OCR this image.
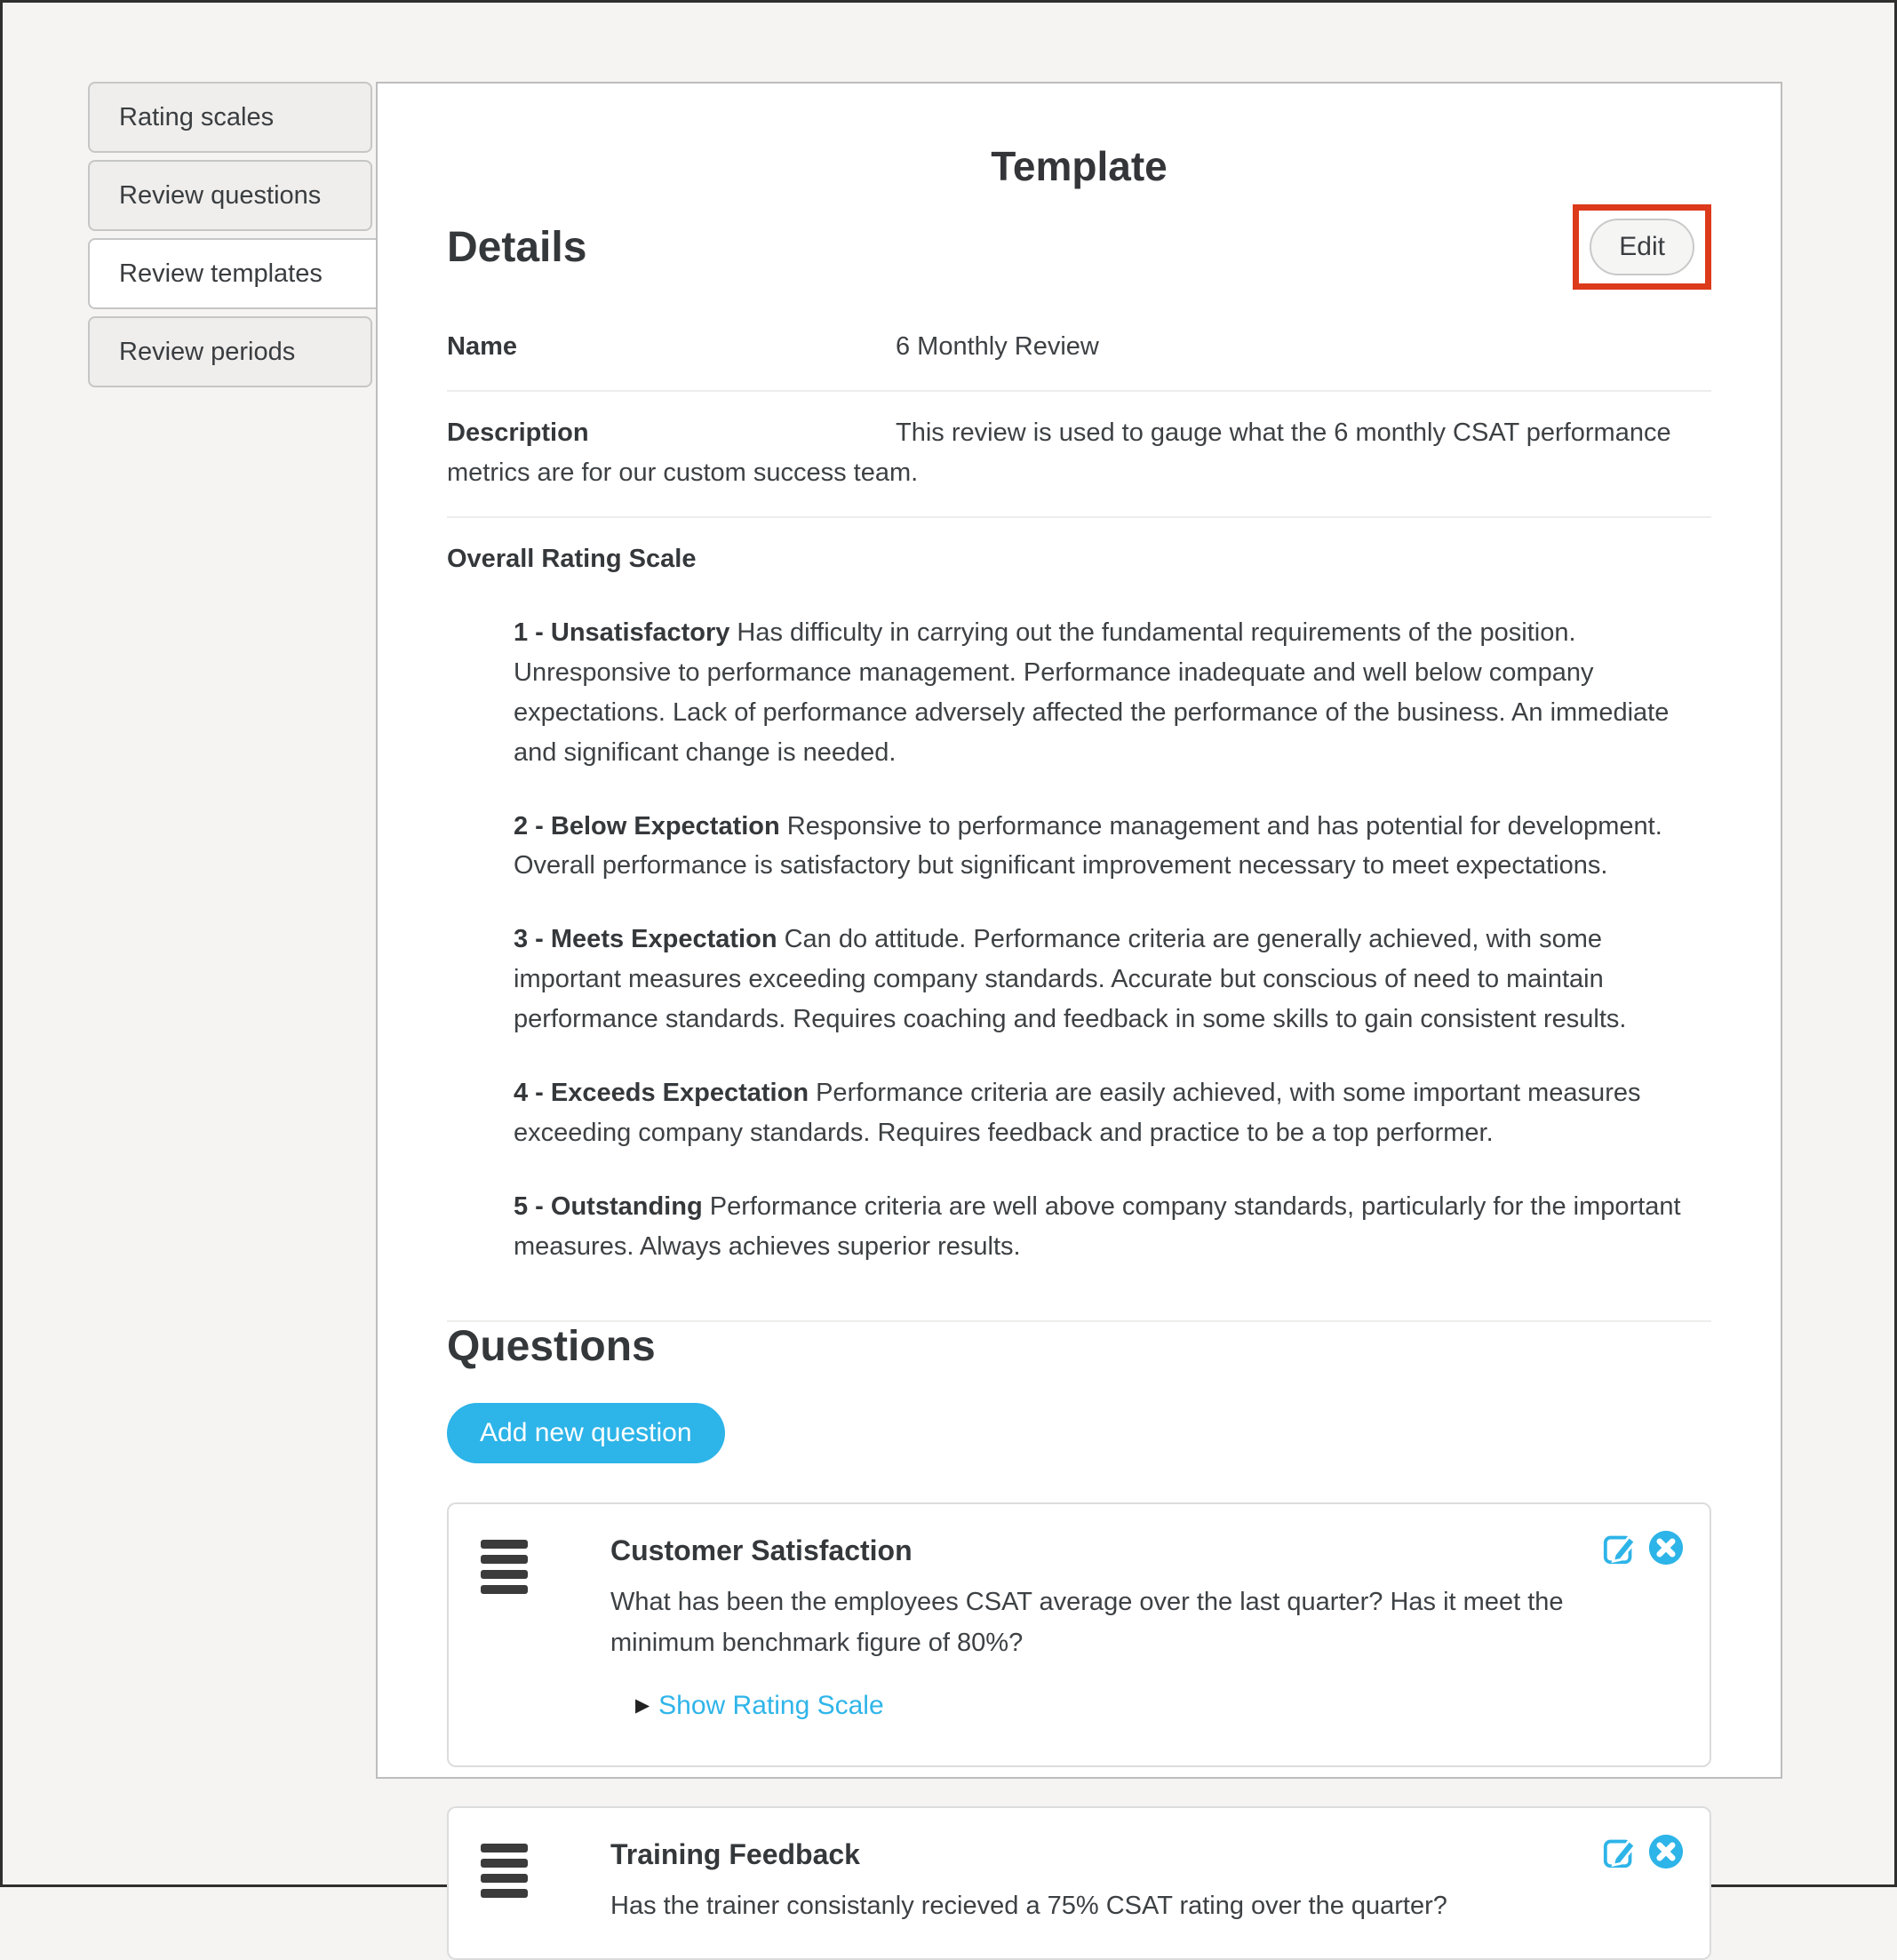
Rating scales
Review questions
Review templates
Review periods
Template
Details	Edit
Name	6 Monthly Review
Description	This review is used to gauge what the 6 monthly CSAT performance metrics are for our custom success team.
Overall Rating Scale

1 - Unsatisfactory Has difficulty in carrying out the fundamental requirements of the position. Unresponsive to performance management. Performance inadequate and well below company expectations. Lack of performance adversely affected the performance of the business. An immediate and significant change is needed.

2 - Below Expectation Responsive to performance management and has potential for development. Overall performance is satisfactory but significant improvement necessary to meet expectations.

3 - Meets Expectation Can do attitude. Performance criteria are generally achieved, with some important measures exceeding company standards. Accurate but conscious of need to maintain performance standards. Requires coaching and feedback in some skills to gain consistent results.

4 - Exceeds Expectation Performance criteria are easily achieved, with some important measures exceeding company standards. Requires feedback and practice to be a top performer.

5 - Outstanding Performance criteria are well above company standards, particularly for the important measures. Always achieves superior results.

Questions
Add new question
Customer Satisfaction

What has been the employees CSAT average over the last quarter? Has it meet the minimum benchmark figure of 80%?

▶ Show Rating Scale
Training Feedback

Has the trainer consistanly recieved a 75% CSAT rating over the quarter?
